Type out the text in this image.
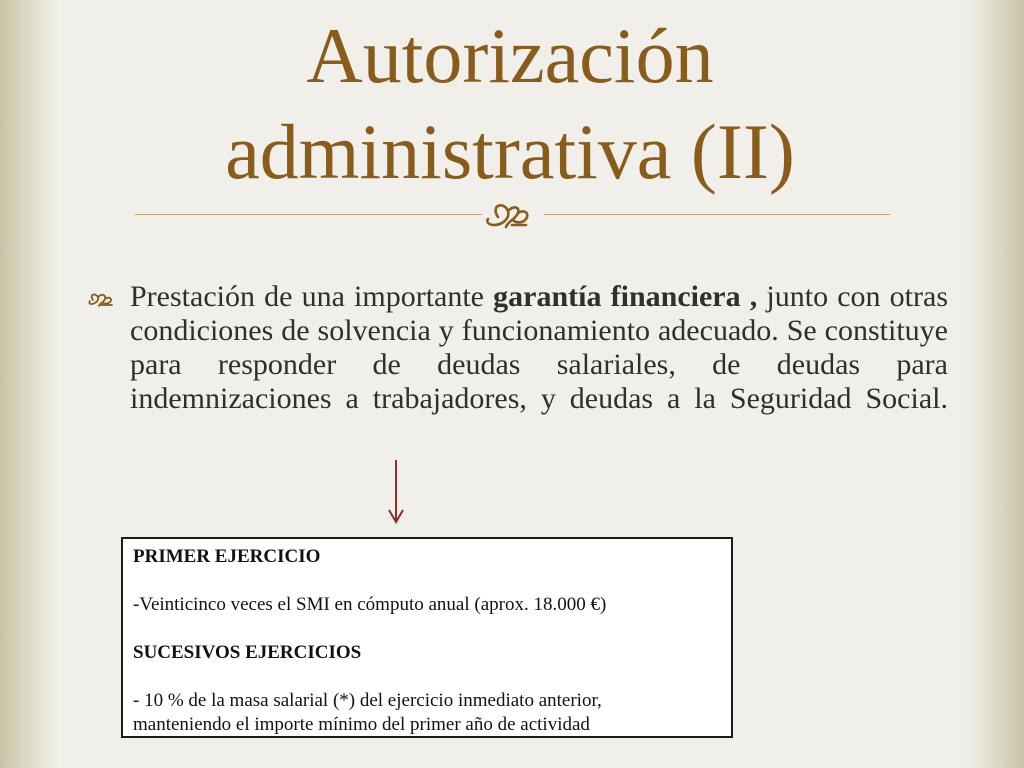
Autorización
administrativa (II)

Prestación de una importante garantía financiera , junto con otras condiciones de solvencia y funcionamiento adecuado. Se constituye para responder de deudas salariales, de deudas para indemnizaciones a trabajadores, y deudas a la Seguridad Social.

PRIMER EJERCICIO

-Veinticinco veces el SMI en cómputo anual (aprox. 18.000 €)

SUCESIVOS EJERCICIOS

- 10 % de la masa salarial (*) del ejercicio inmediato anterior,

manteniendo el importe mínimo del primer año de actividad
